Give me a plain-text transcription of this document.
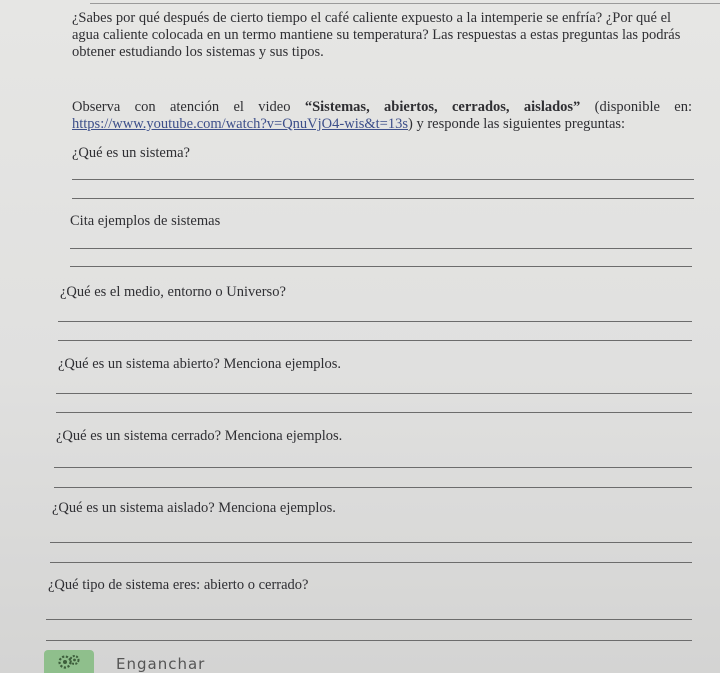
¿Sabes por qué después de cierto tiempo el café caliente expuesto a la intemperie se enfría? ¿Por qué el agua caliente colocada en un termo mantiene su temperatura? Las respuestas a estas preguntas las podrás obtener estudiando los sistemas y sus tipos.

Observa con atención el video “Sistemas, abiertos, cerrados, aislados” (disponible en: https://www.youtube.com/watch?v=QnuVjO4-wis&t=13s) y responde las siguientes preguntas:

¿Qué es un sistema?

Cita ejemplos de sistemas

¿Qué es el medio, entorno o Universo?

¿Qué es un sistema abierto? Menciona ejemplos.

¿Qué es un sistema cerrado? Menciona ejemplos.

¿Qué es un sistema aislado? Menciona ejemplos.

¿Qué tipo de sistema eres: abierto o cerrado?

Enganchar
